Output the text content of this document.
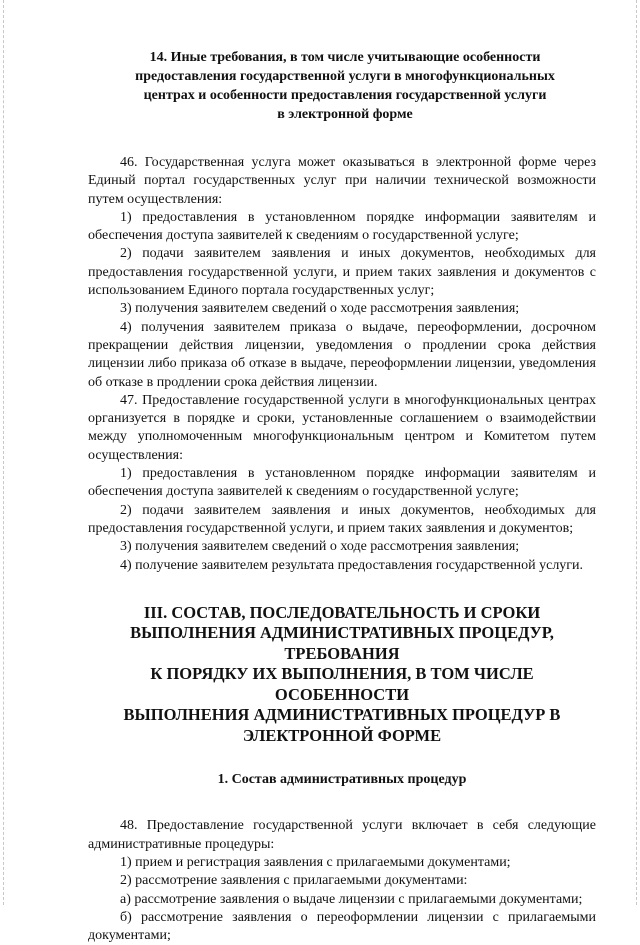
14. Иные требования, в том числе учитывающие особенности
предоставления государственной услуги в многофункциональных
центрах и особенности предоставления государственной услуги
в электронной форме

46. Государственная услуга может оказываться в электронной форме через Единый портал государственных услуг при наличии технической возможности путем осуществления:

1) предоставления в установленном порядке информации заявителям и обеспечения доступа заявителей к сведениям о государственной услуге;

2) подачи заявителем заявления и иных документов, необходимых для предоставления государственной услуги, и прием таких заявления и документов с использованием Единого портала государственных услуг;

3) получения заявителем сведений о ходе рассмотрения заявления;

4) получения заявителем приказа о выдаче, переоформлении, досрочном прекращении действия лицензии, уведомления о продлении срока действия лицензии либо приказа об отказе в выдаче, переоформлении лицензии, уведомления об отказе в продлении срока действия лицензии.

47. Предоставление государственной услуги в многофункциональных центрах организуется в порядке и сроки, установленные соглашением о взаимодействии между уполномоченным многофункциональным центром и Комитетом путем осуществления:

1) предоставления в установленном порядке информации заявителям и обеспечения доступа заявителей к сведениям о государственной услуге;

2) подачи заявителем заявления и иных документов, необходимых для предоставления государственной услуги, и прием таких заявления и документов;

3) получения заявителем сведений о ходе рассмотрения заявления;

4) получение заявителем результата предоставления государственной услуги.

III. СОСТАВ, ПОСЛЕДОВАТЕЛЬНОСТЬ И СРОКИ
ВЫПОЛНЕНИЯ АДМИНИСТРАТИВНЫХ ПРОЦЕДУР, ТРЕБОВАНИЯ
К ПОРЯДКУ ИХ ВЫПОЛНЕНИЯ, В ТОМ ЧИСЛЕ ОСОБЕННОСТИ
ВЫПОЛНЕНИЯ АДМИНИСТРАТИВНЫХ ПРОЦЕДУР В
ЭЛЕКТРОННОЙ ФОРМЕ
1. Состав административных процедур

48. Предоставление государственной услуги включает в себя следующие административные процедуры:

1) прием и регистрация заявления с прилагаемыми документами;

2) рассмотрение заявления с прилагаемыми документами:

а) рассмотрение заявления о выдаче лицензии с прилагаемыми документами;

б) рассмотрение заявления о переоформлении лицензии с прилагаемыми документами;
